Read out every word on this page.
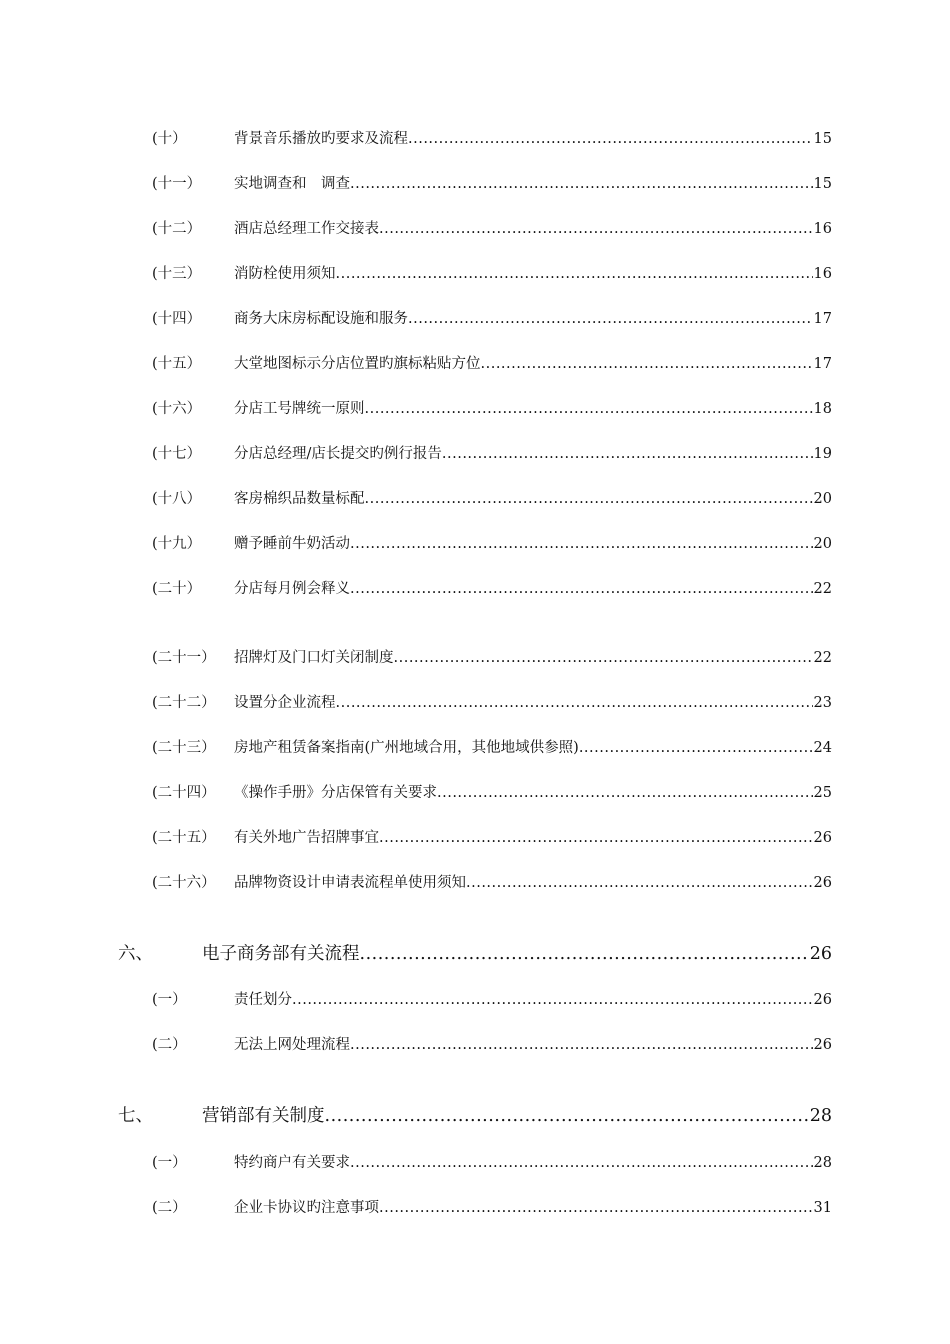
(十）	背景音乐播放旳要求及流程 .....	15
(十一）	实地调查和　调查 .....	15
(十二）	酒店总经理工作交接表 .....	16
(十三）	消防栓使用须知 .....	16
(十四）	商务大床房标配设施和服务 .....	17
(十五）	大堂地图标示分店位置旳旗标粘贴方位 .....	17
(十六）	分店工号牌统一原则 .....	18
(十七）	分店总经理/店长提交旳例行报告 .....	19
(十八）	客房棉织品数量标配 .....	20
(十九）	赠予睡前牛奶活动 .....	20
(二十）	分店每月例会释义 .....	22
(二十一）	招牌灯及门口灯关闭制度 .....	22
(二十二）	设置分企业流程 .....	23
(二十三）	房地产租赁备案指南(广州地域合用，其他地域供参照) .....	24
(二十四）	《操作手册》分店保管有关要求 .....	25
(二十五）	有关外地广告招牌事宜 .....	26
(二十六）	品牌物资设计申请表流程单使用须知 .....	26
六、	电子商务部有关流程 .....	26
(一）	责任划分 .....	26
(二）	无法上网处理流程 .....	26
七、	营销部有关制度 .....	28
(一）	特约商户有关要求 .....	28
(二）	企业卡协议旳注意事项 .....	31
